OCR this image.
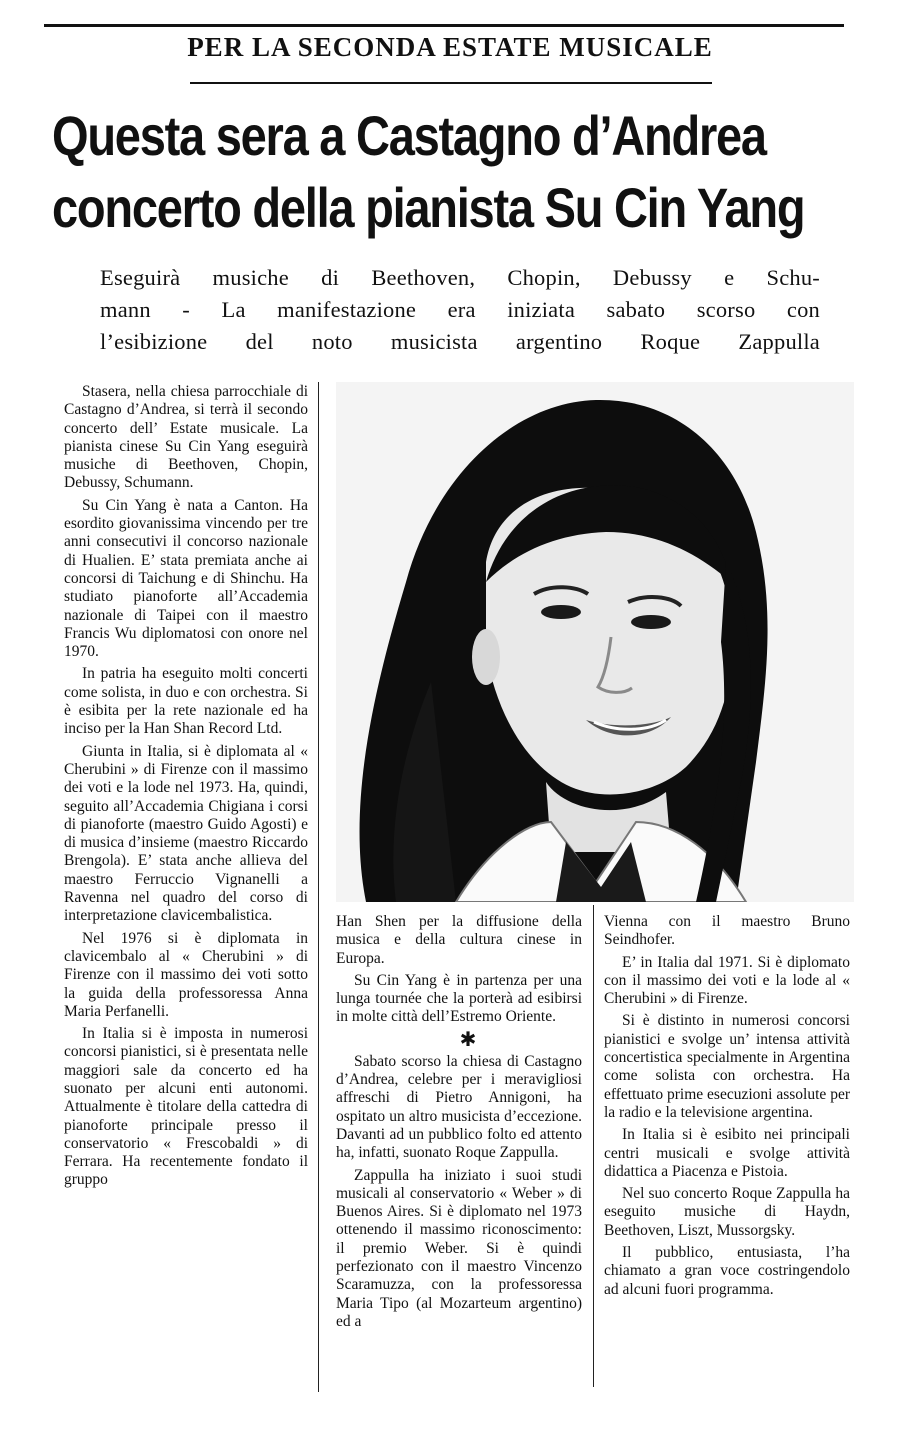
PER LA SECONDA ESTATE MUSICALE
Questa sera a Castagno d’Andrea
concerto della pianista Su Cin Yang
Eseguirà musiche di Beethoven, Chopin, Debussy e Schu-
mann - La manifestazione era iniziata sabato scorso con
l’esibizione del noto musicista argentino Roque Zappulla

Stasera, nella chiesa parrocchiale di Castagno d’Andrea, si terrà il secondo concerto dell’ Estate musicale. La pianista cinese Su Cin Yang eseguirà musiche di Beethoven, Chopin, Debussy, Schumann.

Su Cin Yang è nata a Canton. Ha esordito giovanissima vincendo per tre anni consecutivi il concorso nazionale di Hualien. E’ stata premiata anche ai concorsi di Taichung e di Shinchu. Ha studiato pianoforte all’Accademia nazionale di Taipei con il maestro Francis Wu diplomatosi con onore nel 1970.

In patria ha eseguito molti concerti come solista, in duo e con orchestra. Si è esibita per la rete nazionale ed ha inciso per la Han Shan Record Ltd.

Giunta in Italia, si è diplomata al « Cherubini » di Firenze con il massimo dei voti e la lode nel 1973. Ha, quindi, seguito all’Accademia Chigiana i corsi di pianoforte (maestro Guido Agosti) e di musica d’insieme (maestro Riccardo Brengola). E’ stata anche allieva del maestro Ferruccio Vignanelli a Ravenna nel quadro del corso di interpretazione clavicembalistica.

Nel 1976 si è diplomata in clavicembalo al « Cherubini » di Firenze con il massimo dei voti sotto la guida della professoressa Anna Maria Perfanelli.

In Italia si è imposta in numerosi concorsi pianistici, si è presentata nelle maggiori sale da concerto ed ha suonato per alcuni enti autonomi. Attualmente è titolare della cattedra di pianoforte principale presso il conservatorio « Frescobaldi » di Ferrara. Ha recentemente fondato il gruppo

Han Shen per la diffusione della musica e della cultura cinese in Europa.

Su Cin Yang è in partenza per una lunga tournée che la porterà ad esibirsi in molte città dell’Estremo Oriente.

✱

Sabato scorso la chiesa di Castagno d’Andrea, celebre per i meravigliosi affreschi di Pietro Annigoni, ha ospitato un altro musicista d’eccezione. Davanti ad un pubblico folto ed attento ha, infatti, suonato Roque Zappulla.

Zappulla ha iniziato i suoi studi musicali al conservatorio « Weber » di Buenos Aires. Si è diplomato nel 1973 ottenendo il massimo riconoscimento: il premio Weber. Si è quindi perfezionato con il maestro Vincenzo Scaramuzza, con la professoressa Maria Tipo (al Mozarteum argentino) ed a

Vienna con il maestro Bruno Seindhofer.

E’ in Italia dal 1971. Si è diplomato con il massimo dei voti e la lode al « Cherubini » di Firenze.

Si è distinto in numerosi concorsi pianistici e svolge un’ intensa attività concertistica specialmente in Argentina come solista con orchestra. Ha effettuato prime esecuzioni assolute per la radio e la televisione argentina.

In Italia si è esibito nei principali centri musicali e svolge attività didattica a Piacenza e Pistoia.

Nel suo concerto Roque Zappulla ha eseguito musiche di Haydn, Beethoven, Liszt, Mussorgsky.

Il pubblico, entusiasta, l’ha chiamato a gran voce costringendolo ad alcuni fuori programma.
